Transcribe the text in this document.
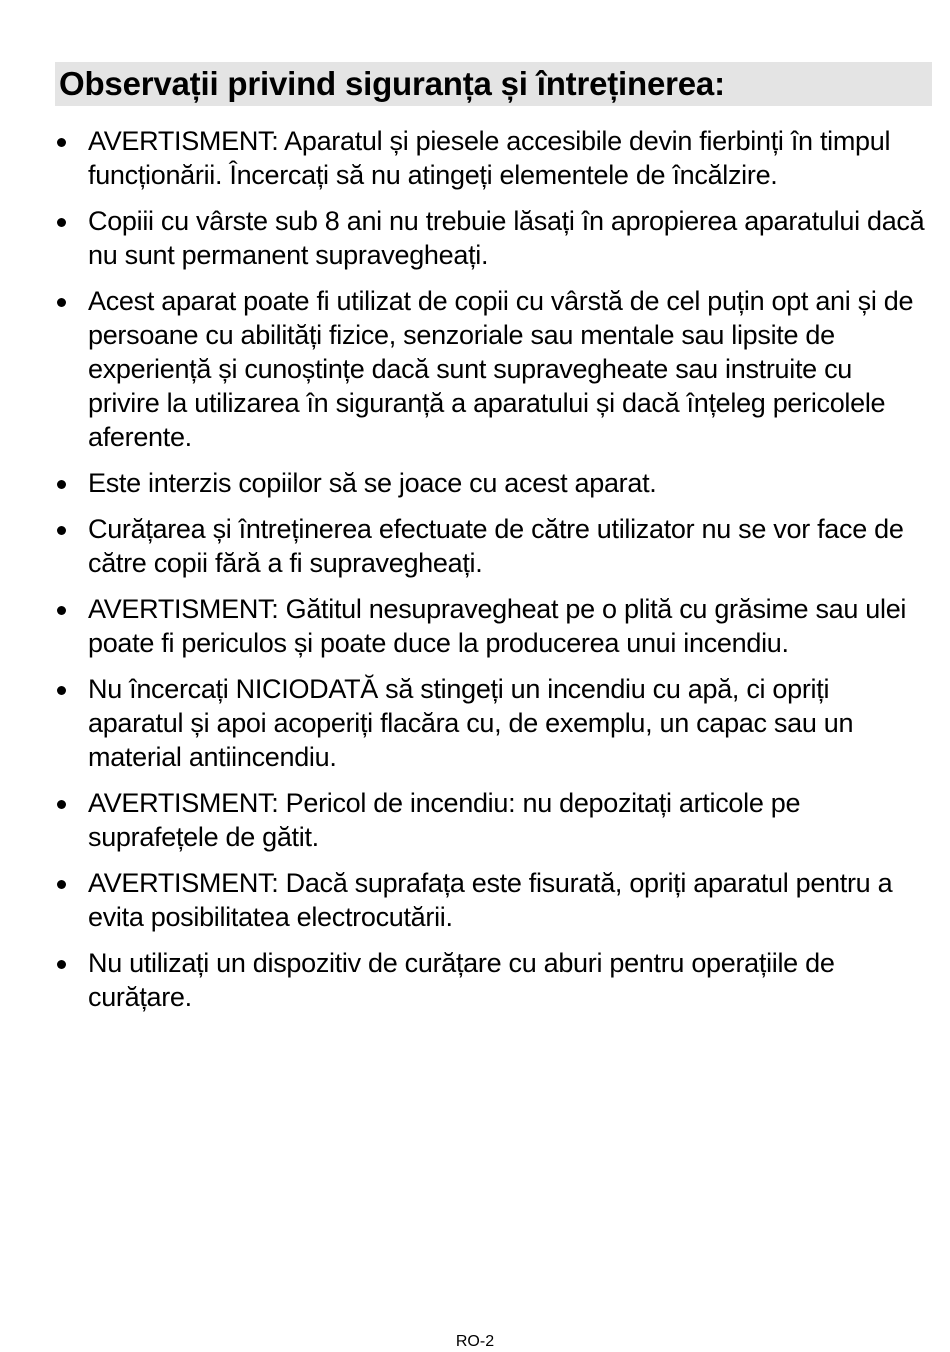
Observații privind siguranța și întreținerea:
AVERTISMENT: Aparatul și piesele accesibile devin fierbinți în timpul funcționării. Încercați să nu atingeți elementele de încălzire.
Copiii cu vârste sub 8 ani nu trebuie lăsați în apropierea aparatului dacă nu sunt permanent supravegheați.
Acest aparat poate fi utilizat de copii cu vârstă de cel puțin opt ani și de persoane cu abilități fizice, senzoriale sau mentale sau lipsite de experiență și cunoștințe dacă sunt supravegheate sau instruite cu privire la utilizarea în siguranță a aparatului și dacă înțeleg pericolele aferente.
Este interzis copiilor să se joace cu acest aparat.
Curățarea și întreținerea efectuate de către utilizator nu se vor face de către copii fără a fi supravegheați.
AVERTISMENT: Gătitul nesupravegheat pe o plită cu grăsime sau ulei poate fi periculos și poate duce la producerea unui incendiu.
Nu încercați NICIODATĂ să stingeți un incendiu cu apă, ci opriți aparatul și apoi acoperiți flacăra cu, de exemplu, un capac sau un material antiincendiu.
AVERTISMENT: Pericol de incendiu: nu depozitați articole pe suprafețele de gătit.
AVERTISMENT: Dacă suprafața este fisurată, opriți aparatul pentru a evita posibilitatea electrocutării.
Nu utilizați un dispozitiv de curățare cu aburi pentru operațiile de curățare.
RO-2
